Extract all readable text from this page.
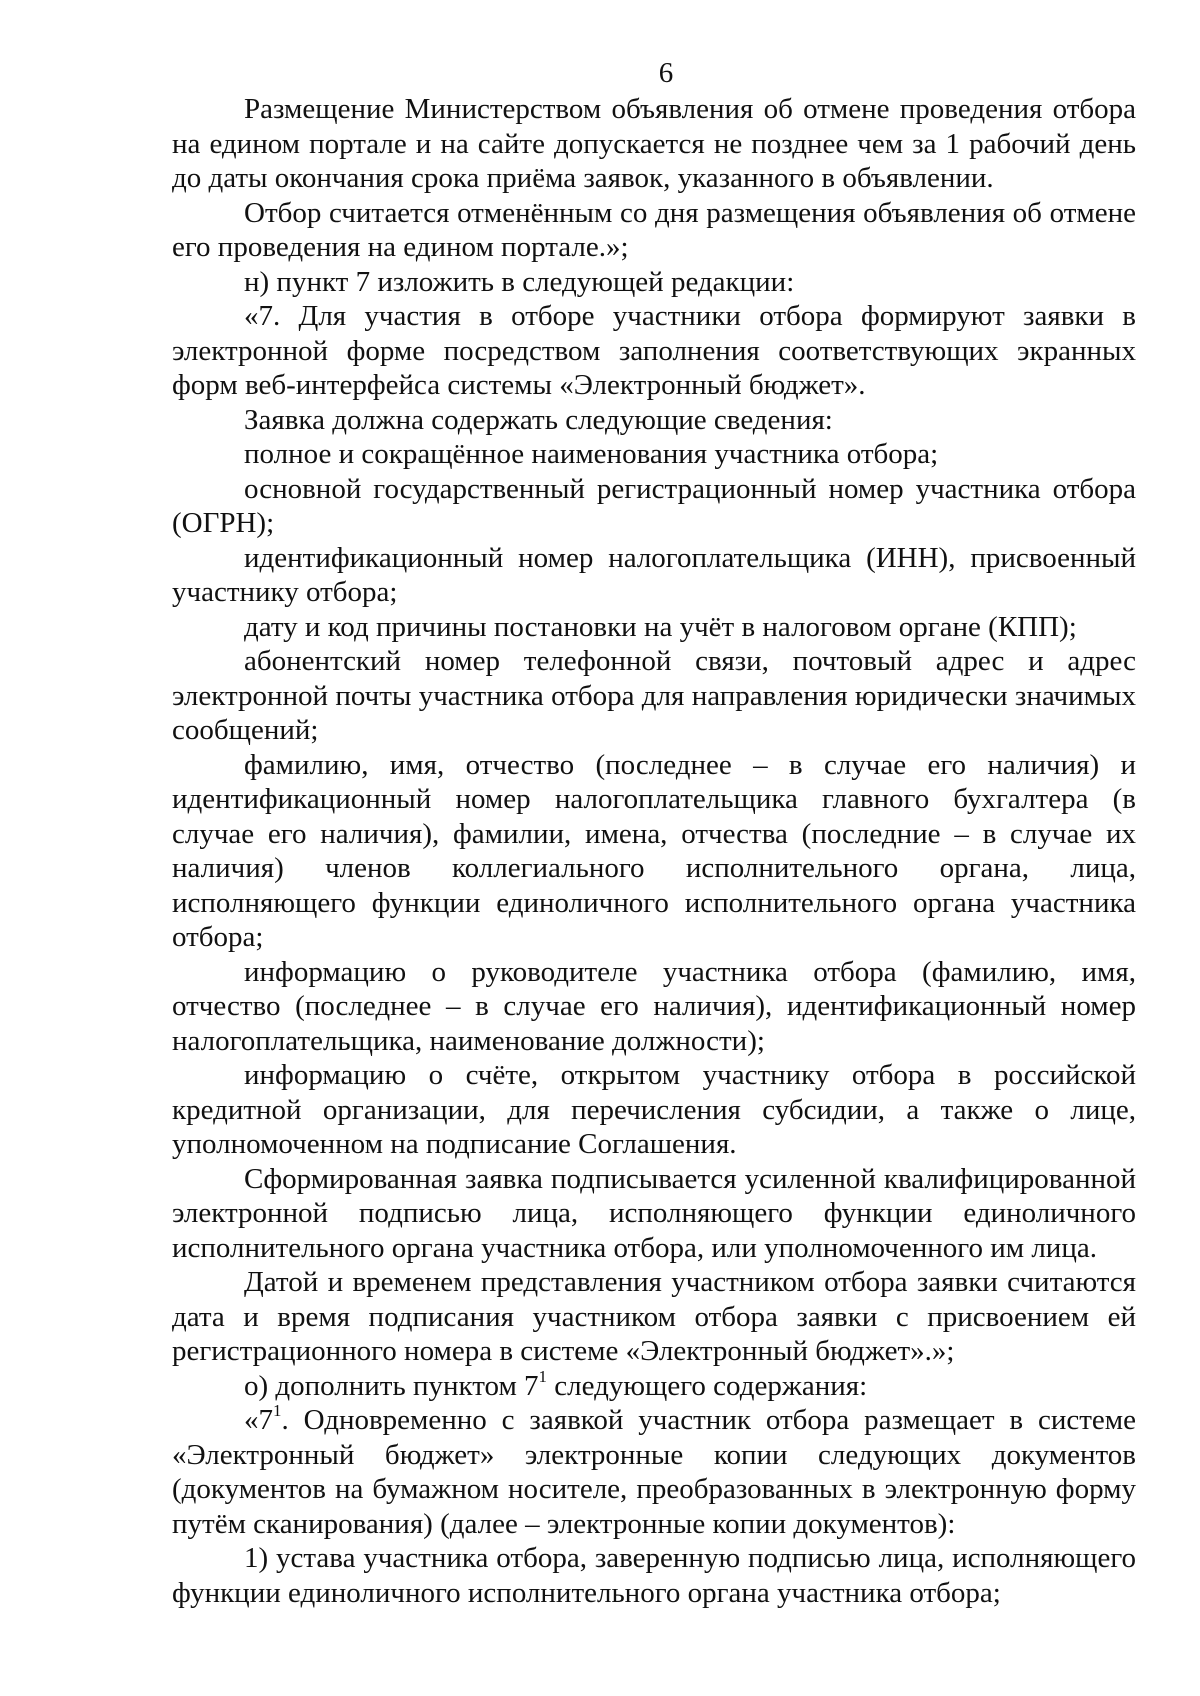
6

Размещение Министерством объявления об отмене проведения отбора на едином портале и на сайте допускается не позднее чем за 1 рабочий день до даты окончания срока приёма заявок, указанного в объявлении.

Отбор считается отменённым со дня размещения объявления об отмене его проведения на едином портале.»;

н) пункт 7 изложить в следующей редакции:

«7. Для участия в отборе участники отбора формируют заявки в электронной форме посредством заполнения соответствующих экранных форм веб-интерфейса системы «Электронный бюджет».

Заявка должна содержать следующие сведения:

полное и сокращённое наименования участника отбора;

основной государственный регистрационный номер участника отбора (ОГРН);

идентификационный номер налогоплательщика (ИНН), присвоенный участнику отбора;

дату и код причины постановки на учёт в налоговом органе (КПП);

абонентский номер телефонной связи, почтовый адрес и адрес электронной почты участника отбора для направления юридически значимых сообщений;

фамилию, имя, отчество (последнее – в случае его наличия) и идентификационный номер налогоплательщика главного бухгалтера (в случае его наличия), фамилии, имена, отчества (последние – в случае их наличия) членов коллегиального исполнительного органа, лица, исполняющего функции единоличного исполнительного органа участника отбора;

информацию о руководителе участника отбора (фамилию, имя, отчество (последнее – в случае его наличия), идентификационный номер налогоплательщика, наименование должности);

информацию о счёте, открытом участнику отбора в российской кредитной организации, для перечисления субсидии, а также о лице, уполномоченном на подписание Соглашения.

Сформированная заявка подписывается усиленной квалифицированной электронной подписью лица, исполняющего функции единоличного исполнительного органа участника отбора, или уполномоченного им лица.

Датой и временем представления участником отбора заявки считаются дата и время подписания участником отбора заявки с присвоением ей регистрационного номера в системе «Электронный бюджет».»;

о) дополнить пунктом $7^1$ следующего содержания:

«$7^1$. Одновременно с заявкой участник отбора размещает в системе «Электронный бюджет» электронные копии следующих документов (документов на бумажном носителе, преобразованных в электронную форму путём сканирования) (далее – электронные копии документов):

1) устава участника отбора, заверенную подписью лица, исполняющего функции единоличного исполнительного органа участника отбора;
